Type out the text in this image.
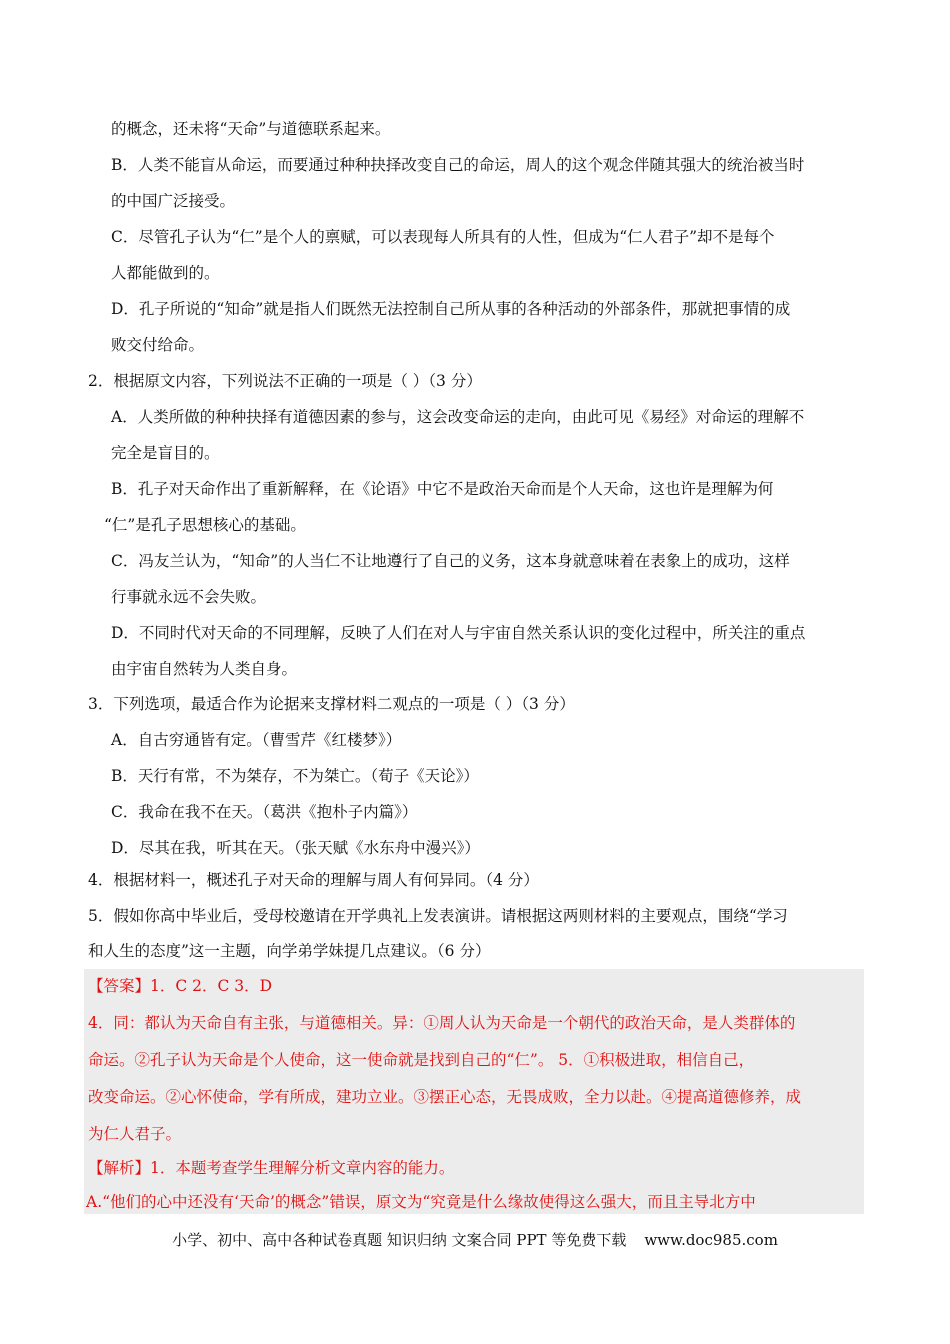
的概念，还未将“天命”与道德联系起来。
B．人类不能盲从命运，而要通过种种抉择改变自己的命运，周人的这个观念伴随其强大的统治被当时
的中国广泛接受。
C．尽管孔子认为“仁”是个人的禀赋，可以表现每人所具有的人性，但成为“仁人君子”却不是每个
人都能做到的。
D．孔子所说的“知命”就是指人们既然无法控制自己所从事的各种活动的外部条件，那就把事情的成
败交付给命。
2．根据原文内容，下列说法不正确的一项是（ ）（3 分）
A．人类所做的种种抉择有道德因素的参与，这会改变命运的走向，由此可见《易经》对命运的理解不
完全是盲目的。
B．孔子对天命作出了重新解释，在《论语》中它不是政治天命而是个人天命，这也许是理解为何
“仁”是孔子思想核心的基础。
C．冯友兰认为，“知命”的人当仁不让地遵行了自己的义务，这本身就意味着在表象上的成功，这样
行事就永远不会失败。
D．不同时代对天命的不同理解，反映了人们在对人与宇宙自然关系认识的变化过程中，所关注的重点
由宇宙自然转为人类自身。
3．下列选项，最适合作为论据来支撑材料二观点的一项是（ ）（3 分）
A．自古穷通皆有定。（曹雪芹《红楼梦》）
B．天行有常，不为桀存，不为桀亡。（荀子《天论》）
C．我命在我不在天。（葛洪《抱朴子内篇》）
D．尽其在我，听其在天。（张天赋《水东舟中漫兴》）
4．根据材料一，概述孔子对天命的理解与周人有何异同。（4 分）
5．假如你高中毕业后，受母校邀请在开学典礼上发表演讲。请根据这两则材料的主要观点，围绕“学习
和人生的态度”这一主题，向学弟学妹提几点建议。（6 分）
【答案】1．C 2．C 3．D
4．同：都认为天命自有主张，与道德相关。异：①周人认为天命是一个朝代的政治天命，是人类群体的
命运。②孔子认为天命是个人使命，这一使命就是找到自己的“仁”。 5．①积极进取，相信自己，
改变命运。②心怀使命，学有所成，建功立业。③摆正心态，无畏成败，全力以赴。④提高道德修养，成
为仁人君子。
【解析】1．本题考查学生理解分析文章内容的能力。
A.“他们的心中还没有‘天命’的概念”错误，原文为“究竟是什么缘故使得这么强大，而且主导北方中
小学、初中、高中各种试卷真题 知识归纳 文案合同 PPT 等免费下载 www.doc985.com
